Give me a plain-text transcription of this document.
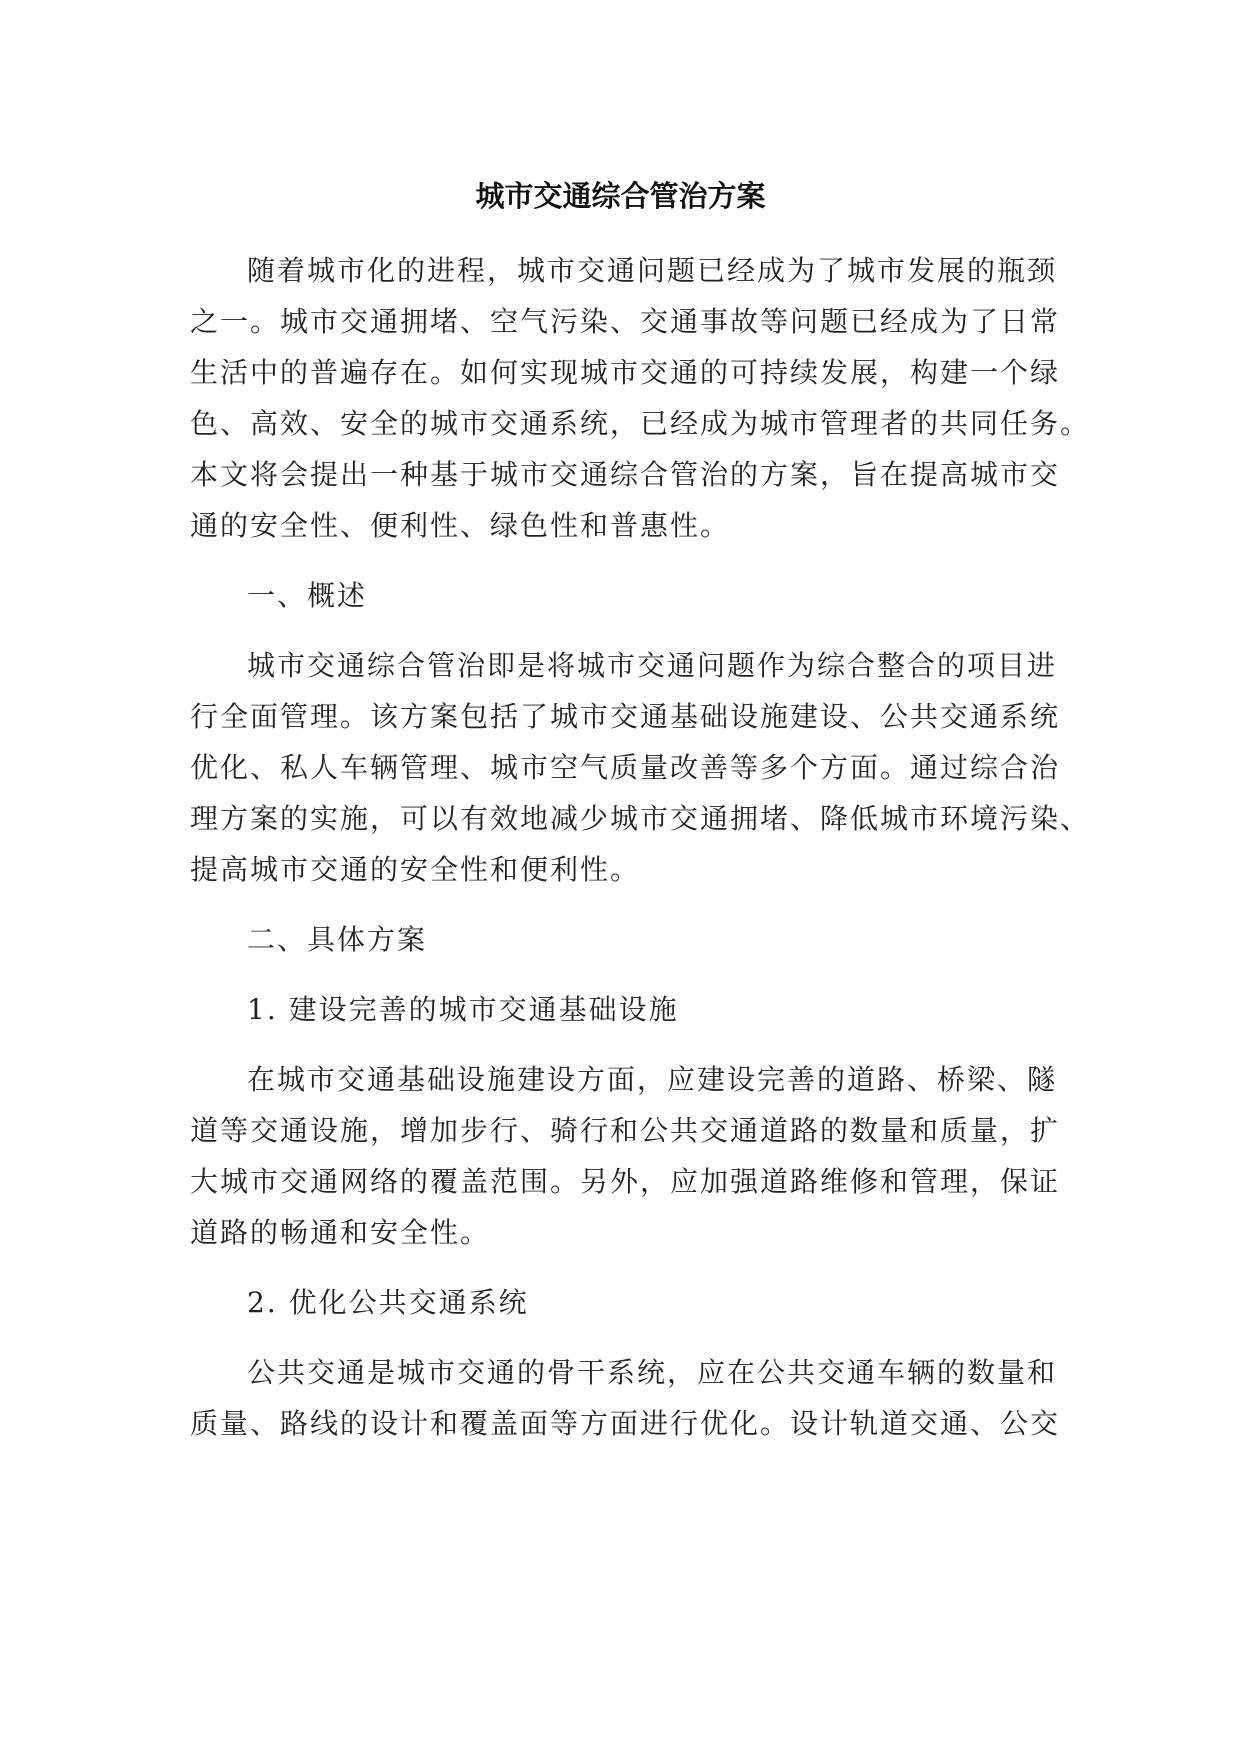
城市交通综合管治方案
随着城市化的进程，城市交通问题已经成为了城市发展的瓶颈
之一。城市交通拥堵、空气污染、交通事故等问题已经成为了日常
生活中的普遍存在。如何实现城市交通的可持续发展，构建一个绿
色、高效、安全的城市交通系统，已经成为城市管理者的共同任务。
本文将会提出一种基于城市交通综合管治的方案，旨在提高城市交
通的安全性、便利性、绿色性和普惠性。
一、概述
城市交通综合管治即是将城市交通问题作为综合整合的项目进
行全面管理。该方案包括了城市交通基础设施建设、公共交通系统
优化、私人车辆管理、城市空气质量改善等多个方面。通过综合治
理方案的实施，可以有效地减少城市交通拥堵、降低城市环境污染、
提高城市交通的安全性和便利性。
二、具体方案
1. 建设完善的城市交通基础设施
在城市交通基础设施建设方面，应建设完善的道路、桥梁、隧
道等交通设施，增加步行、骑行和公共交通道路的数量和质量，扩
大城市交通网络的覆盖范围。另外，应加强道路维修和管理，保证
道路的畅通和安全性。
2. 优化公共交通系统
公共交通是城市交通的骨干系统，应在公共交通车辆的数量和
质量、路线的设计和覆盖面等方面进行优化。设计轨道交通、公交
